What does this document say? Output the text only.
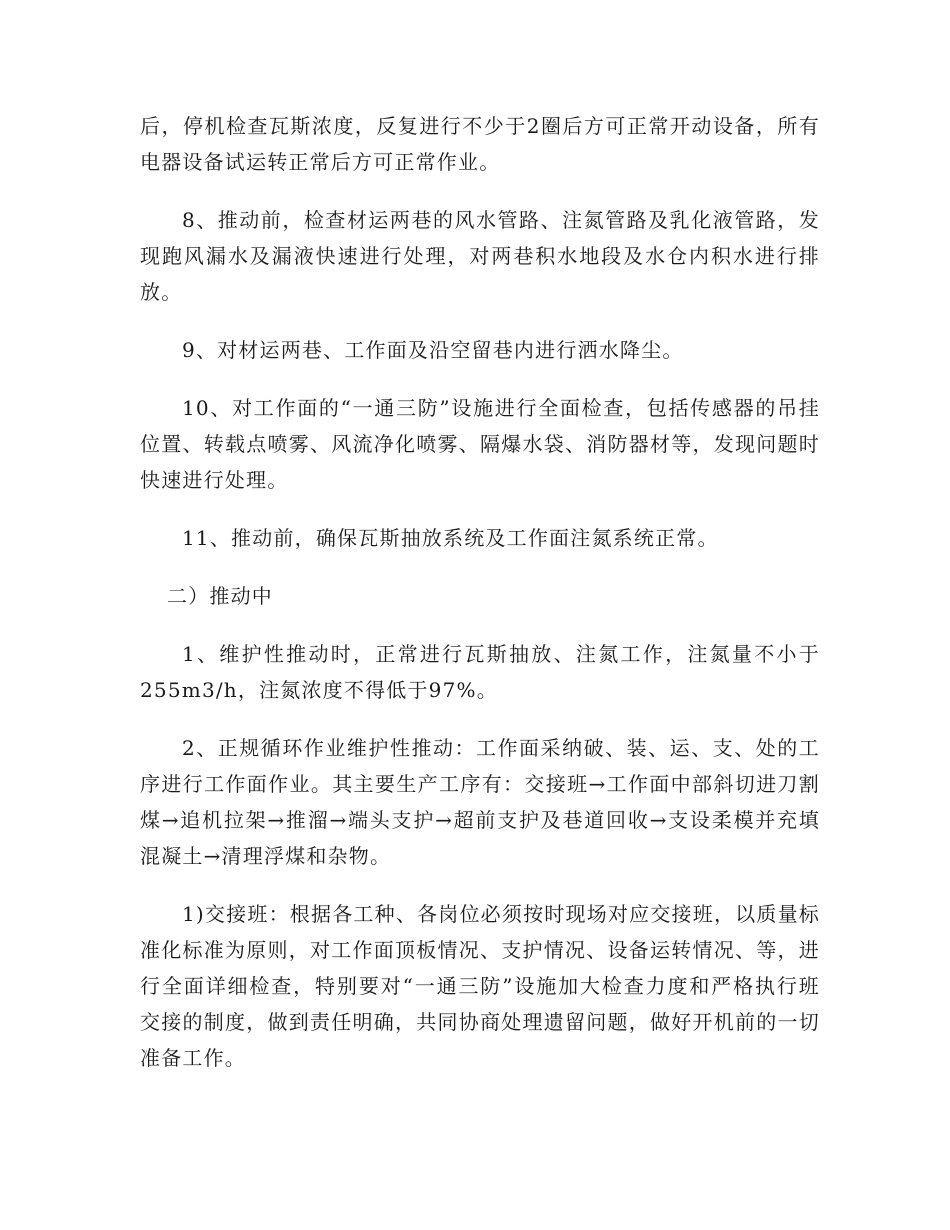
后，停机检查瓦斯浓度，反复进行不少于2圈后方可正常开动设备，所有电器设备试运转正常后方可正常作业。

8、推动前，检查材运两巷的风水管路、注氮管路及乳化液管路，发现跑风漏水及漏液快速进行处理，对两巷积水地段及水仓内积水进行排放。

9、对材运两巷、工作面及沿空留巷内进行洒水降尘。

10、对工作面的“一通三防”设施进行全面检查，包括传感器的吊挂位置、转载点喷雾、风流净化喷雾、隔爆水袋、消防器材等，发现问题时快速进行处理。

11、推动前，确保瓦斯抽放系统及工作面注氮系统正常。

二）推动中

1、维护性推动时，正常进行瓦斯抽放、注氮工作，注氮量不小于255m3/h，注氮浓度不得低于97%。

2、正规循环作业维护性推动：工作面采纳破、装、运、支、处的工序进行工作面作业。其主要生产工序有：交接班→工作面中部斜切进刀割煤→追机拉架→推溜→端头支护→超前支护及巷道回收→支设柔模并充填混凝土→清理浮煤和杂物。

1)交接班：根据各工种、各岗位必须按时现场对应交接班，以质量标准化标准为原则，对工作面顶板情况、支护情况、设备运转情况、等，进行全面详细检查，特别要对“一通三防”设施加大检查力度和严格执行班交接的制度，做到责任明确，共同协商处理遗留问题，做好开机前的一切准备工作。
